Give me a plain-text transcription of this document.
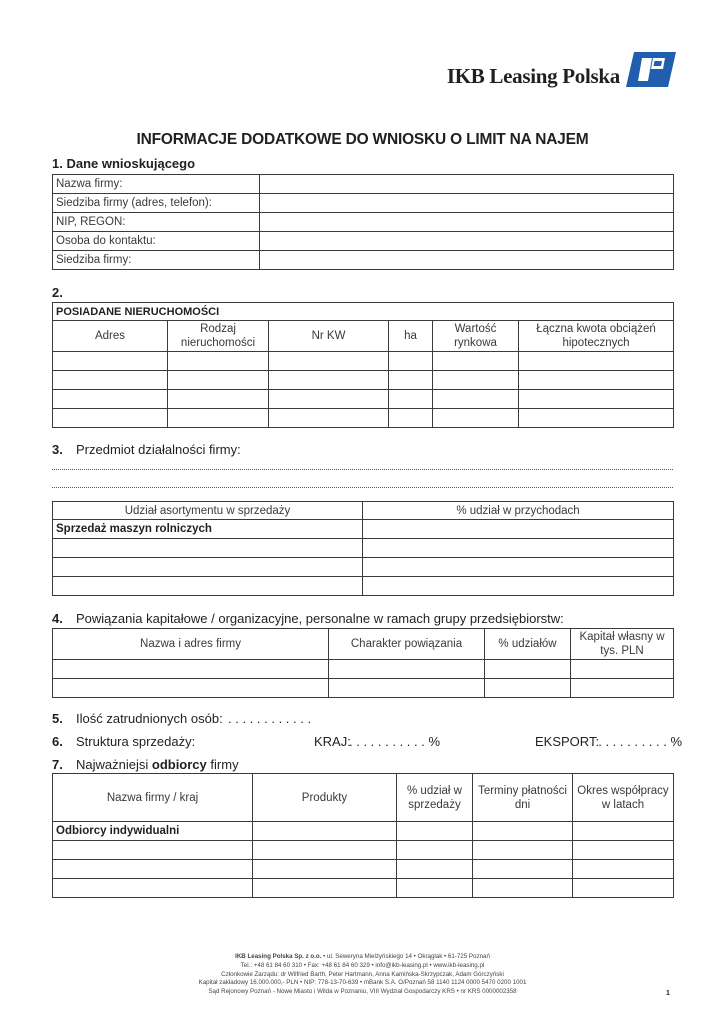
IKB Leasing Polska
INFORMACJE DODATKOWE DO WNIOSKU O LIMIT NA NAJEM
1. Dane wnioskującego
Nazwa firmy:	
Siedziba firmy (adres, telefon):	
NIP, REGON:	
Osoba do kontaktu:	
Siedziba firmy:	
2.
POSIADANE NIERUCHOMOŚCI					
Adres	Rodzaj nieruchomości	Nr KW	ha	Wartość rynkowa	Łączna kwota obciążeń hipotecznych

3. Przedmiot działalności firmy:
Udział asortymentu w sprzedaży	% udział w przychodach
Sprzedaż maszyn rolniczych	

4. Powiązania kapitałowe / organizacyjne, personalne w ramach grupy przedsiębiorstw:
Nazwa i adres firmy	Charakter powiązania	% udziałów	Kapitał własny w tys. PLN

5. Ilość zatrudnionych osób: . . . . . . . . . . . .
6. Struktura sprzedaży:	KRAJ:
. . . . . . . . . . . %	EKSPORT:
. . . . . . . . . . . %
7. Najważniejsi odbiorcy firmy
Nazwa firmy / kraj	Produkty	% udział w sprzedaży	Terminy płatności dni	Okres współpracy w latach
Odbiorcy indywidualni				

IKB Leasing Polska Sp. z o.o. • ul. Seweryna Mielżyńskiego 14 • Okrąglak • 61-725 Poznań
Tel.: +48 61 84 60 310 • Fax: +48 61 84 60 329 • info@ikb-leasing.pl • www.ikb-leasing.pl
Członkowie Zarządu: dr Wilfried Barth, Peter Hartmann, Anna Kamińska-Skrzypczak, Adam Górczyński
Kapitał zakładowy 16.000.000,- PLN • NIP: 778-13-70-639 • mBank S.A. O/Poznań 58 1140 1124 0000 5470 0200 1001
Sąd Rejonowy Poznań - Nowe Miasto i Wilda w Poznaniu, VIII Wydział Gospodarczy KRS • nr KRS 0000002358	1
